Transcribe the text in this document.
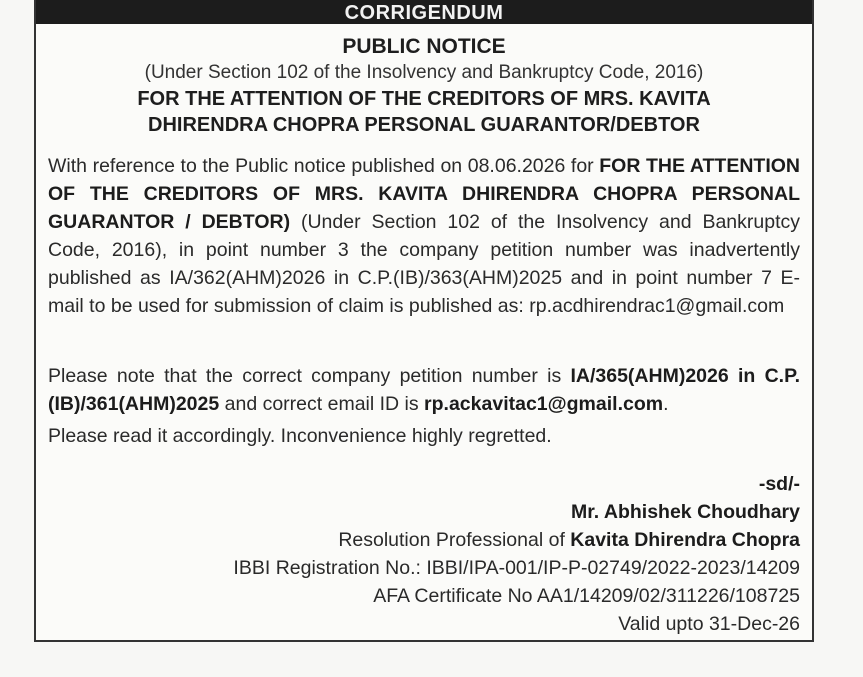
CORRIGENDUM
PUBLIC NOTICE
(Under Section 102 of the Insolvency and Bankruptcy Code, 2016)
FOR THE ATTENTION OF THE CREDITORS OF MRS. KAVITA
DHIRENDRA CHOPRA PERSONAL GUARANTOR/DEBTOR
With reference to the Public notice published on 08.06.2026 for FOR THE ATTENTION OF THE CREDITORS OF MRS. KAVITA DHIRENDRA CHOPRA PERSONAL GUARANTOR / DEBTOR) (Under Section 102 of the Insolvency and Bankruptcy Code, 2016), in point number 3 the company petition number was inadvertently published as IA/362(AHM)2026 in C.P.(IB)/363(AHM)2025 and in point number 7 E-mail to be used for submission of claim is published as: rp.acdhirendrac1@gmail.com
Please note that the correct company petition number is IA/365(AHM)2026 in C.P.(IB)/361(AHM)2025 and correct email ID is rp.ackavitac1@gmail.com.
Please read it accordingly. Inconvenience highly regretted.
-sd/-
Mr. Abhishek Choudhary
Resolution Professional of Kavita Dhirendra Chopra
IBBI Registration No.: IBBI/IPA-001/IP-P-02749/2022-2023/14209
AFA Certificate No AA1/14209/02/311226/108725
Valid upto 31-Dec-26
